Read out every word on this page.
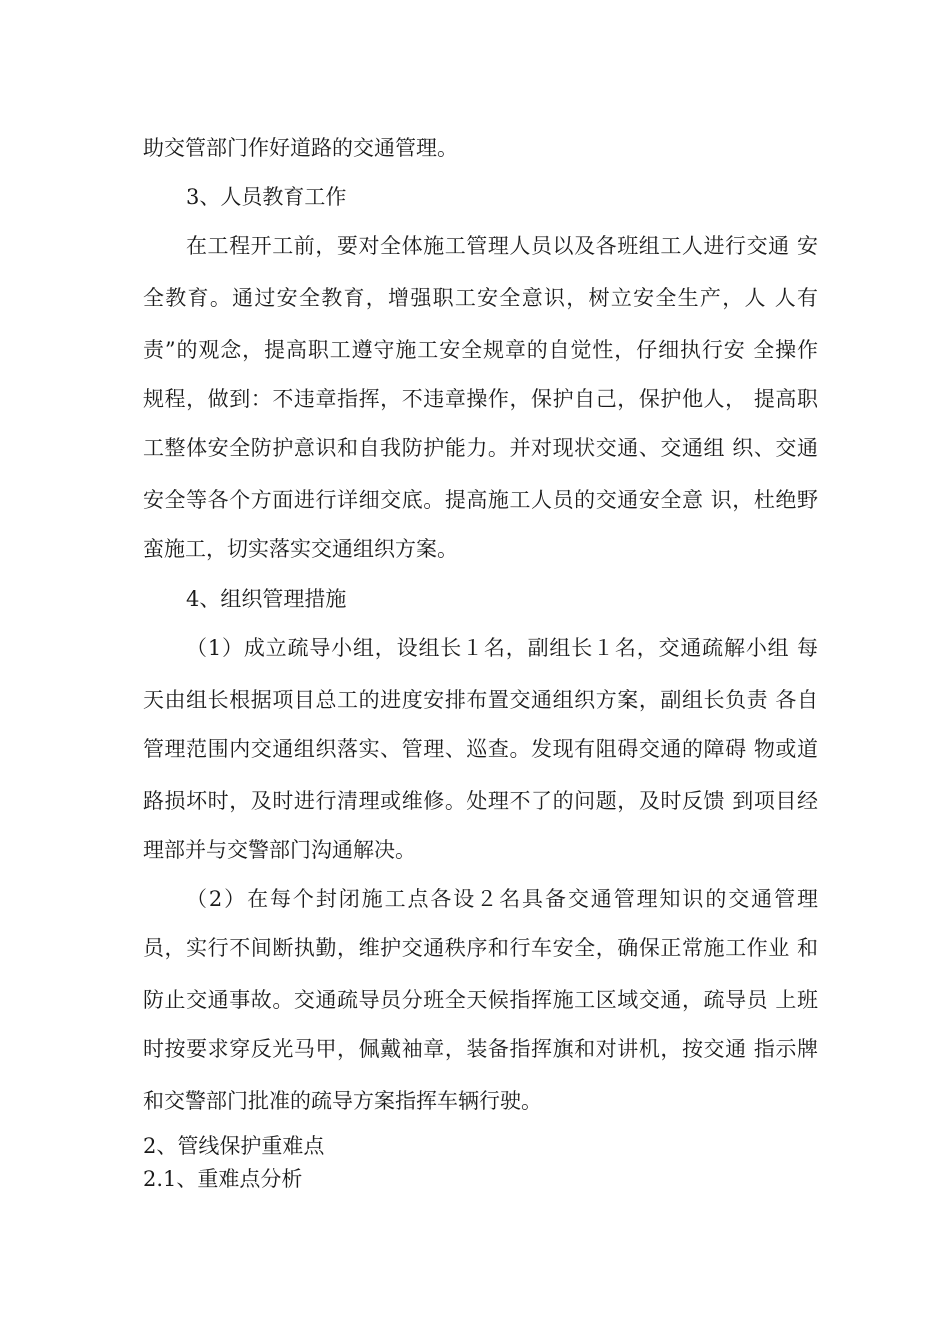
助交管部门作好道路的交通管理。

3、人员教育工作

在工程开工前，要对全体施工管理人员以及各班组工人进行交通 安

全教育。通过安全教育，增强职工安全意识，树立安全生产，人 人有

责”的观念，提高职工遵守施工安全规章的自觉性，仔细执行安 全操作

规程，做到：不违章指挥，不违章操作，保护自己，保护他人， 提高职

工整体安全防护意识和自我防护能力。并对现状交通、交通组 织、交通

安全等各个方面进行详细交底。提高施工人员的交通安全意 识，杜绝野

蛮施工，切实落实交通组织方案。

4、组织管理措施

（1）成立疏导小组，设组长１名，副组长１名，交通疏解小组 每

天由组长根据项目总工的进度安排布置交通组织方案，副组长负责 各自

管理范围内交通组织落实、管理、巡查。发现有阻碍交通的障碍 物或道

路损坏时，及时进行清理或维修。处理不了的问题，及时反馈 到项目经

理部并与交警部门沟通解决。

（2）在每个封闭施工点各设２名具备交通管理知识的交通管理

员，实行不间断执勤，维护交通秩序和行车安全，确保正常施工作业 和

防止交通事故。交通疏导员分班全天候指挥施工区域交通，疏导员 上班

时按要求穿反光马甲，佩戴袖章，装备指挥旗和对讲机，按交通 指示牌

和交警部门批准的疏导方案指挥车辆行驶。

2、管线保护重难点

2.1、重难点分析
